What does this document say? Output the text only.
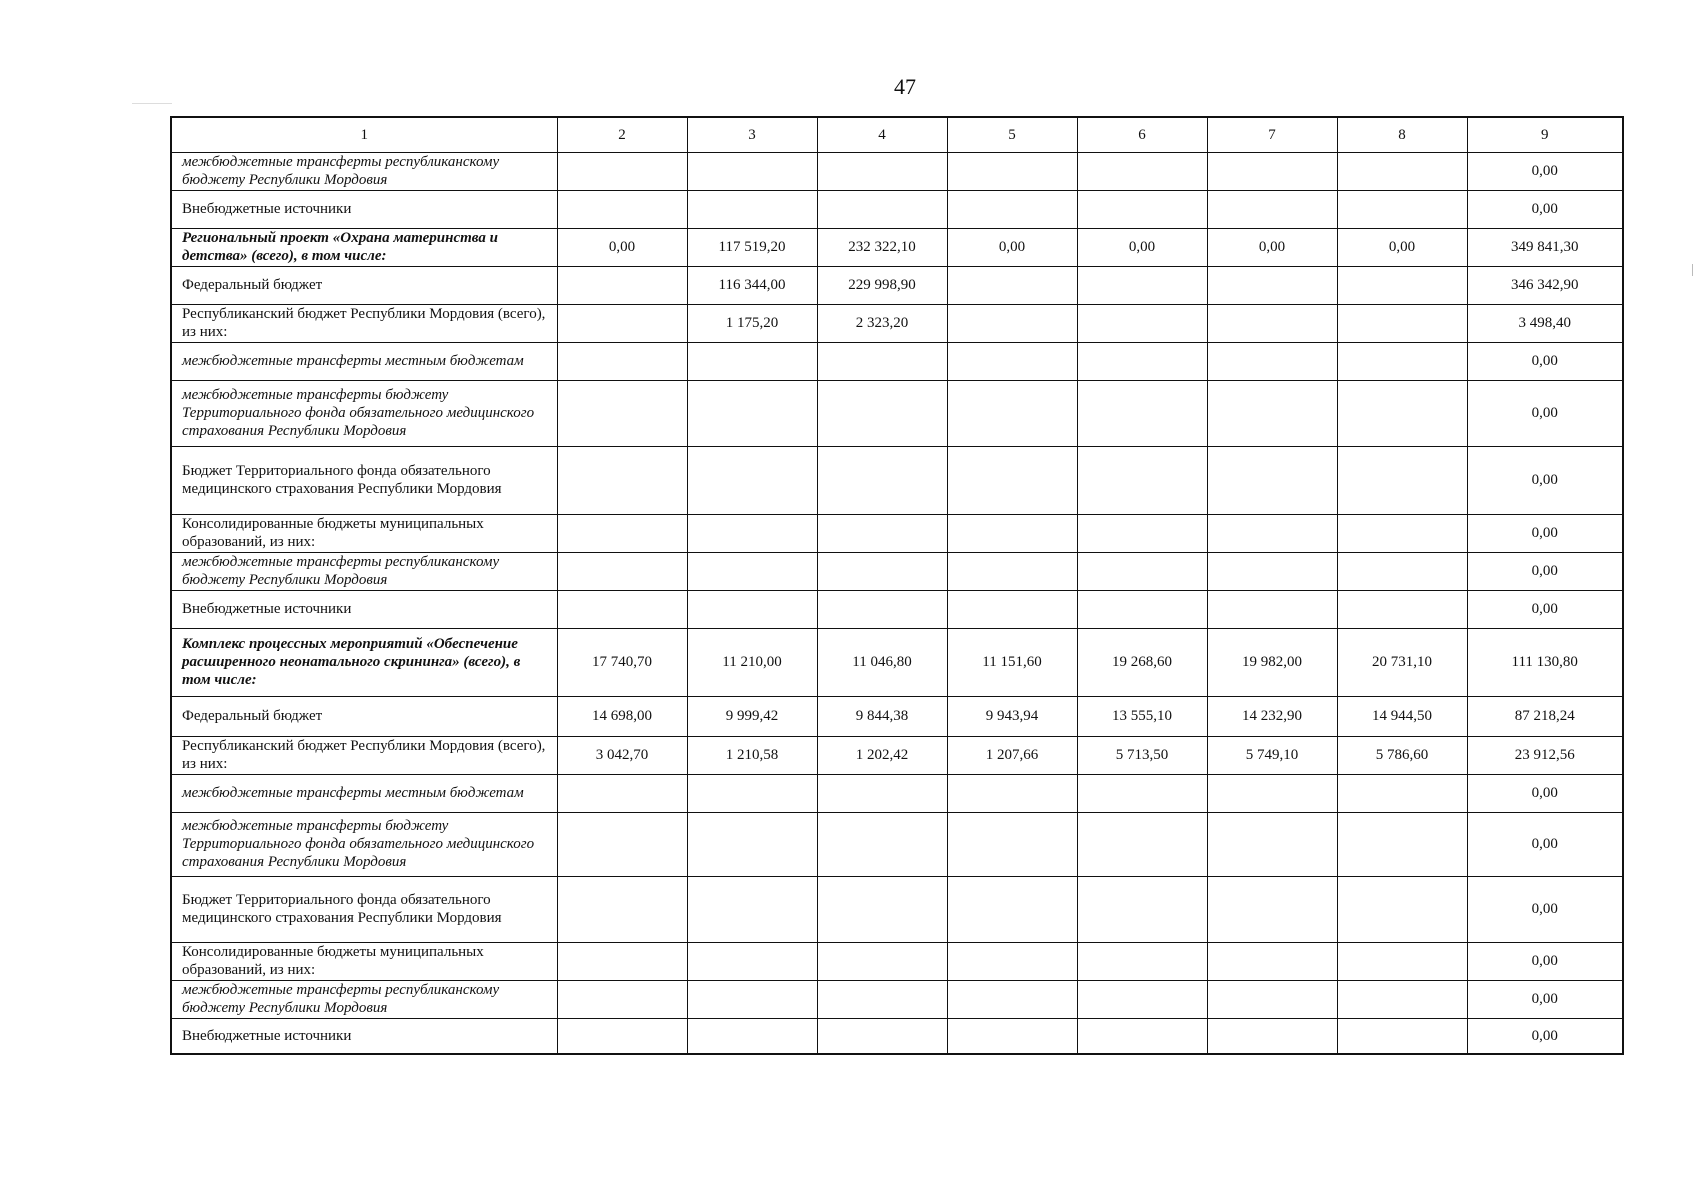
47
1	2	3	4	5	6	7	8	9
межбюджетные трансферты республиканскому бюджету Республики Мордовия								0,00
Внебюджетные источники								0,00
Региональный проект «Охрана материнства и детства» (всего), в том числе:	0,00	117 519,20	232 322,10	0,00	0,00	0,00	0,00	349 841,30
Федеральный бюджет		116 344,00	229 998,90					346 342,90
Республиканский бюджет Республики Мордовия (всего), из них:		1 175,20	2 323,20					3 498,40
межбюджетные трансферты местным бюджетам								0,00
межбюджетные трансферты бюджету Территориального фонда обязательного медицинского страхования Республики Мордовия								0,00
Бюджет Территориального фонда обязательного медицинского страхования Республики Мордовия								0,00
Консолидированные бюджеты муниципальных образований, из них:								0,00
межбюджетные трансферты республиканскому бюджету Республики Мордовия								0,00
Внебюджетные источники								0,00
Комплекс процессных мероприятий «Обеспечение расширенного неонатального скрининга» (всего), в том числе:	17 740,70	11 210,00	11 046,80	11 151,60	19 268,60	19 982,00	20 731,10	111 130,80
Федеральный бюджет	14 698,00	9 999,42	9 844,38	9 943,94	13 555,10	14 232,90	14 944,50	87 218,24
Республиканский бюджет Республики Мордовия (всего), из них:	3 042,70	1 210,58	1 202,42	1 207,66	5 713,50	5 749,10	5 786,60	23 912,56
межбюджетные трансферты местным бюджетам								0,00
межбюджетные трансферты бюджету Территориального фонда обязательного медицинского страхования Республики Мордовия								0,00
Бюджет Территориального фонда обязательного медицинского страхования Республики Мордовия								0,00
Консолидированные бюджеты муниципальных образований, из них:								0,00
межбюджетные трансферты республиканскому бюджету Республики Мордовия								0,00
Внебюджетные источники								0,00
